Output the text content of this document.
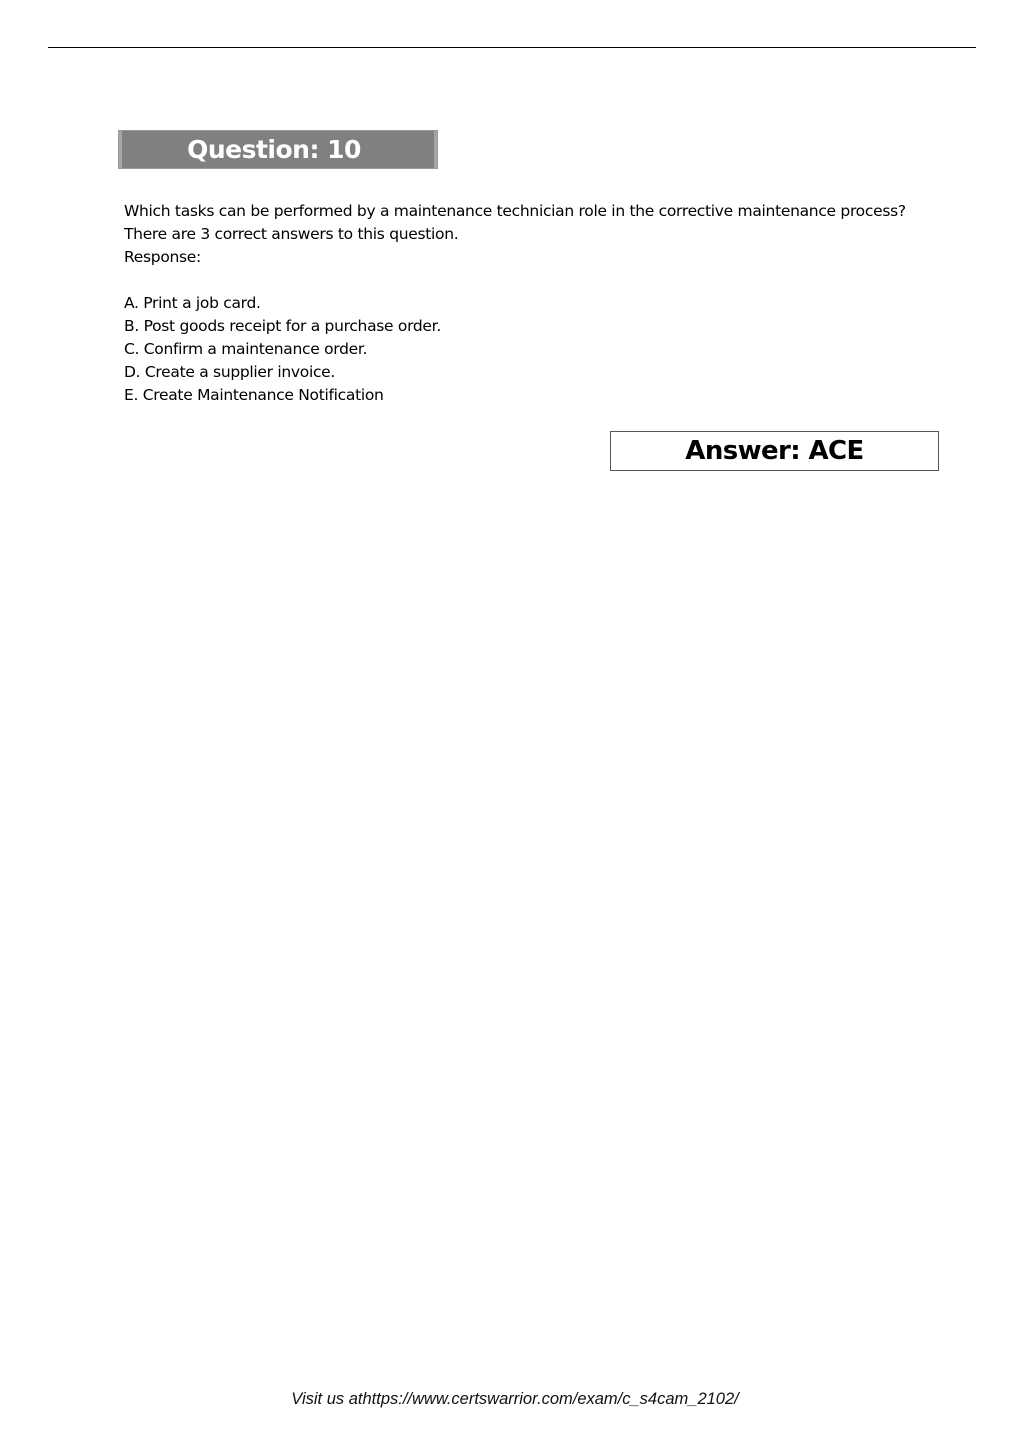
Question: 10

Which tasks can be performed by a maintenance technician role in the corrective maintenance process?

There are 3 correct answers to this question.

Response:

A. Print a job card.
B. Post goods receipt for a purchase order.
C. Confirm a maintenance order.
D. Create a supplier invoice.
E. Create Maintenance Notification
Answer: ACE
Visit us athttps://www.certswarrior.com/exam/c_s4cam_2102/
